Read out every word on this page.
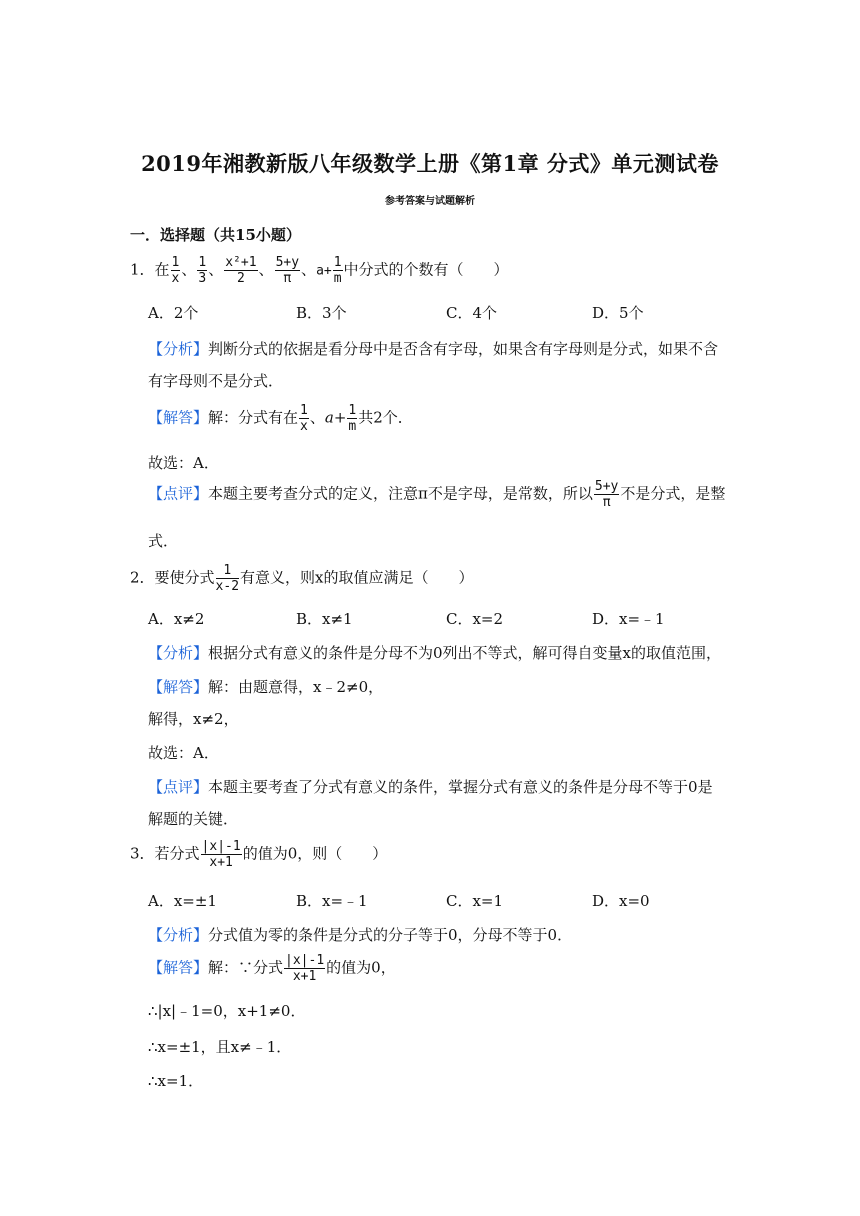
2019年湘教新版八年级数学上册《第1章 分式》单元测试卷
参考答案与试题解析
一．选择题（共15小题）
1．在 $\frac{1}{x}$ 、 $\frac{1}{3}$ 、 $\frac{\text{x²+1}}{2}$ 、 $\frac{5+y}{\pi}$ 、$a+ \frac{1}{m}$ 中分式的个数有（　　）
A．2个	B．3个	C．4个	D．5个
【分析】判断分式的依据是看分母中是否含有字母，如果含有字母则是分式，如果不含
有字母则不是分式．
【解答】解：分式有在 $\frac{1}{x}$ 、$a+ \frac{1}{m}$ 共2个．
故选：A．
【点评】本题主要考查分式的定义，注意π不是字母，是常数，所以 $\frac{5+y}{\pi}$ 不是分式，是整
式．
2．要使分式 $\frac{1}{x-2}$ 有意义，则x的取值应满足（　　）
A．x≠2	B．x≠1	C．x=2	D．x=﹣1
【分析】根据分式有意义的条件是分母不为0列出不等式，解可得自变量x的取值范围，
【解答】解：由题意得，x﹣2≠0，
解得，x≠2，
故选：A．
【点评】本题主要考查了分式有意义的条件，掌握分式有意义的条件是分母不等于0是
解题的关键．
3．若分式 $\frac{|x|-1}{x+1}$ 的值为0，则（　　）
A．x=±1	B．x=﹣1	C．x=1	D．x=0
【分析】分式值为零的条件是分式的分子等于0，分母不等于0．
【解答】解：∵分式 $\frac{|x|-1}{x+1}$ 的值为0，
∴|x|﹣1=0，x+1≠0．
∴x=±1，且x≠﹣1．
∴x=1．
